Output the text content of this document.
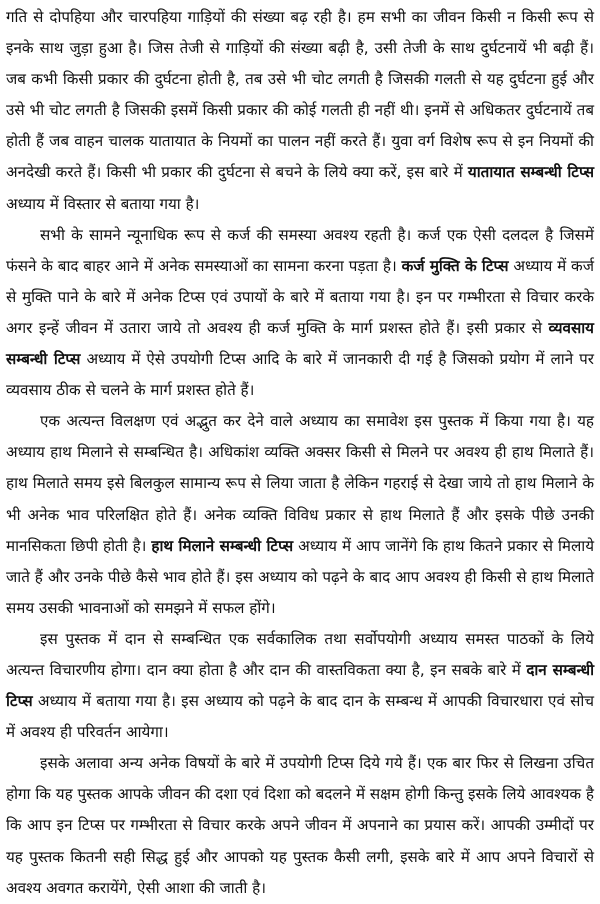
गति से दोपहिया और चारपहिया गाड़ियों की संख्या बढ़ रही है। हम सभी का जीवन किसी न किसी रूप से इनके साथ जुड़ा हुआ है। जिस तेजी से गाड़ियों की संख्या बढ़ी है, उसी तेजी के साथ दुर्घटनायें भी बढ़ी हैं। जब कभी किसी प्रकार की दुर्घटना होती है, तब उसे भी चोट लगती है जिसकी गलती से यह दुर्घटना हुई और उसे भी चोट लगती है जिसकी इसमें किसी प्रकार की कोई गलती ही नहीं थी। इनमें से अधिकतर दुर्घटनायें तब होती हैं जब वाहन चालक यातायात के नियमों का पालन नहीं करते हैं। युवा वर्ग विशेष रूप से इन नियमों की अनदेखी करते हैं। किसी भी प्रकार की दुर्घटना से बचने के लिये क्या करें, इस बारे में यातायात सम्बन्धी टिप्स अध्याय में विस्तार से बताया गया है।

सभी के सामने न्यूनाधिक रूप से कर्ज की समस्या अवश्य रहती है। कर्ज एक ऐसी दलदल है जिसमें फंसने के बाद बाहर आने में अनेक समस्याओं का सामना करना पड़ता है। कर्ज मुक्ति के टिप्स अध्याय में कर्ज से मुक्ति पाने के बारे में अनेक टिप्स एवं उपायों के बारे में बताया गया है। इन पर गम्भीरता से विचार करके अगर इन्हें जीवन में उतारा जाये तो अवश्य ही कर्ज मुक्ति के मार्ग प्रशस्त होते हैं। इसी प्रकार से व्यवसाय सम्बन्धी टिप्स अध्याय में ऐसे उपयोगी टिप्स आदि के बारे में जानकारी दी गई है जिसको प्रयोग में लाने पर व्यवसाय ठीक से चलने के मार्ग प्रशस्त होते हैं।

एक अत्यन्त विलक्षण एवं अद्भुत कर देने वाले अध्याय का समावेश इस पुस्तक में किया गया है। यह अध्याय हाथ मिलाने से सम्बन्धित है। अधिकांश व्यक्ति अक्सर किसी से मिलने पर अवश्य ही हाथ मिलाते हैं। हाथ मिलाते समय इसे बिलकुल सामान्य रूप से लिया जाता है लेकिन गहराई से देखा जाये तो हाथ मिलाने के भी अनेक भाव परिलक्षित होते हैं। अनेक व्यक्ति विविध प्रकार से हाथ मिलाते हैं और इसके पीछे उनकी मानसिकता छिपी होती है। हाथ मिलाने सम्बन्धी टिप्स अध्याय में आप जानेंगे कि हाथ कितने प्रकार से मिलाये जाते हैं और उनके पीछे कैसे भाव होते हैं। इस अध्याय को पढ़ने के बाद आप अवश्य ही किसी से हाथ मिलाते समय उसकी भावनाओं को समझने में सफल होंगे।

इस पुस्तक में दान से सम्बन्धित एक सर्वकालिक तथा सर्वोपयोगी अध्याय समस्त पाठकों के लिये अत्यन्त विचारणीय होगा। दान क्या होता है और दान की वास्तविकता क्या है, इन सबके बारे में दान सम्बन्धी टिप्स अध्याय में बताया गया है। इस अध्याय को पढ़ने के बाद दान के सम्बन्ध में आपकी विचारधारा एवं सोच में अवश्य ही परिवर्तन आयेगा।

इसके अलावा अन्य अनेक विषयों के बारे में उपयोगी टिप्स दिये गये हैं। एक बार फिर से लिखना उचित होगा कि यह पुस्तक आपके जीवन की दशा एवं दिशा को बदलने में सक्षम होगी किन्तु इसके लिये आवश्यक है कि आप इन टिप्स पर गम्भीरता से विचार करके अपने जीवन में अपनाने का प्रयास करें। आपकी उम्मीदों पर यह पुस्तक कितनी सही सिद्ध हुई और आपको यह पुस्तक कैसी लगी, इसके बारे में आप अपने विचारों से अवश्य अवगत करायेंगे, ऐसी आशा की जाती है।
